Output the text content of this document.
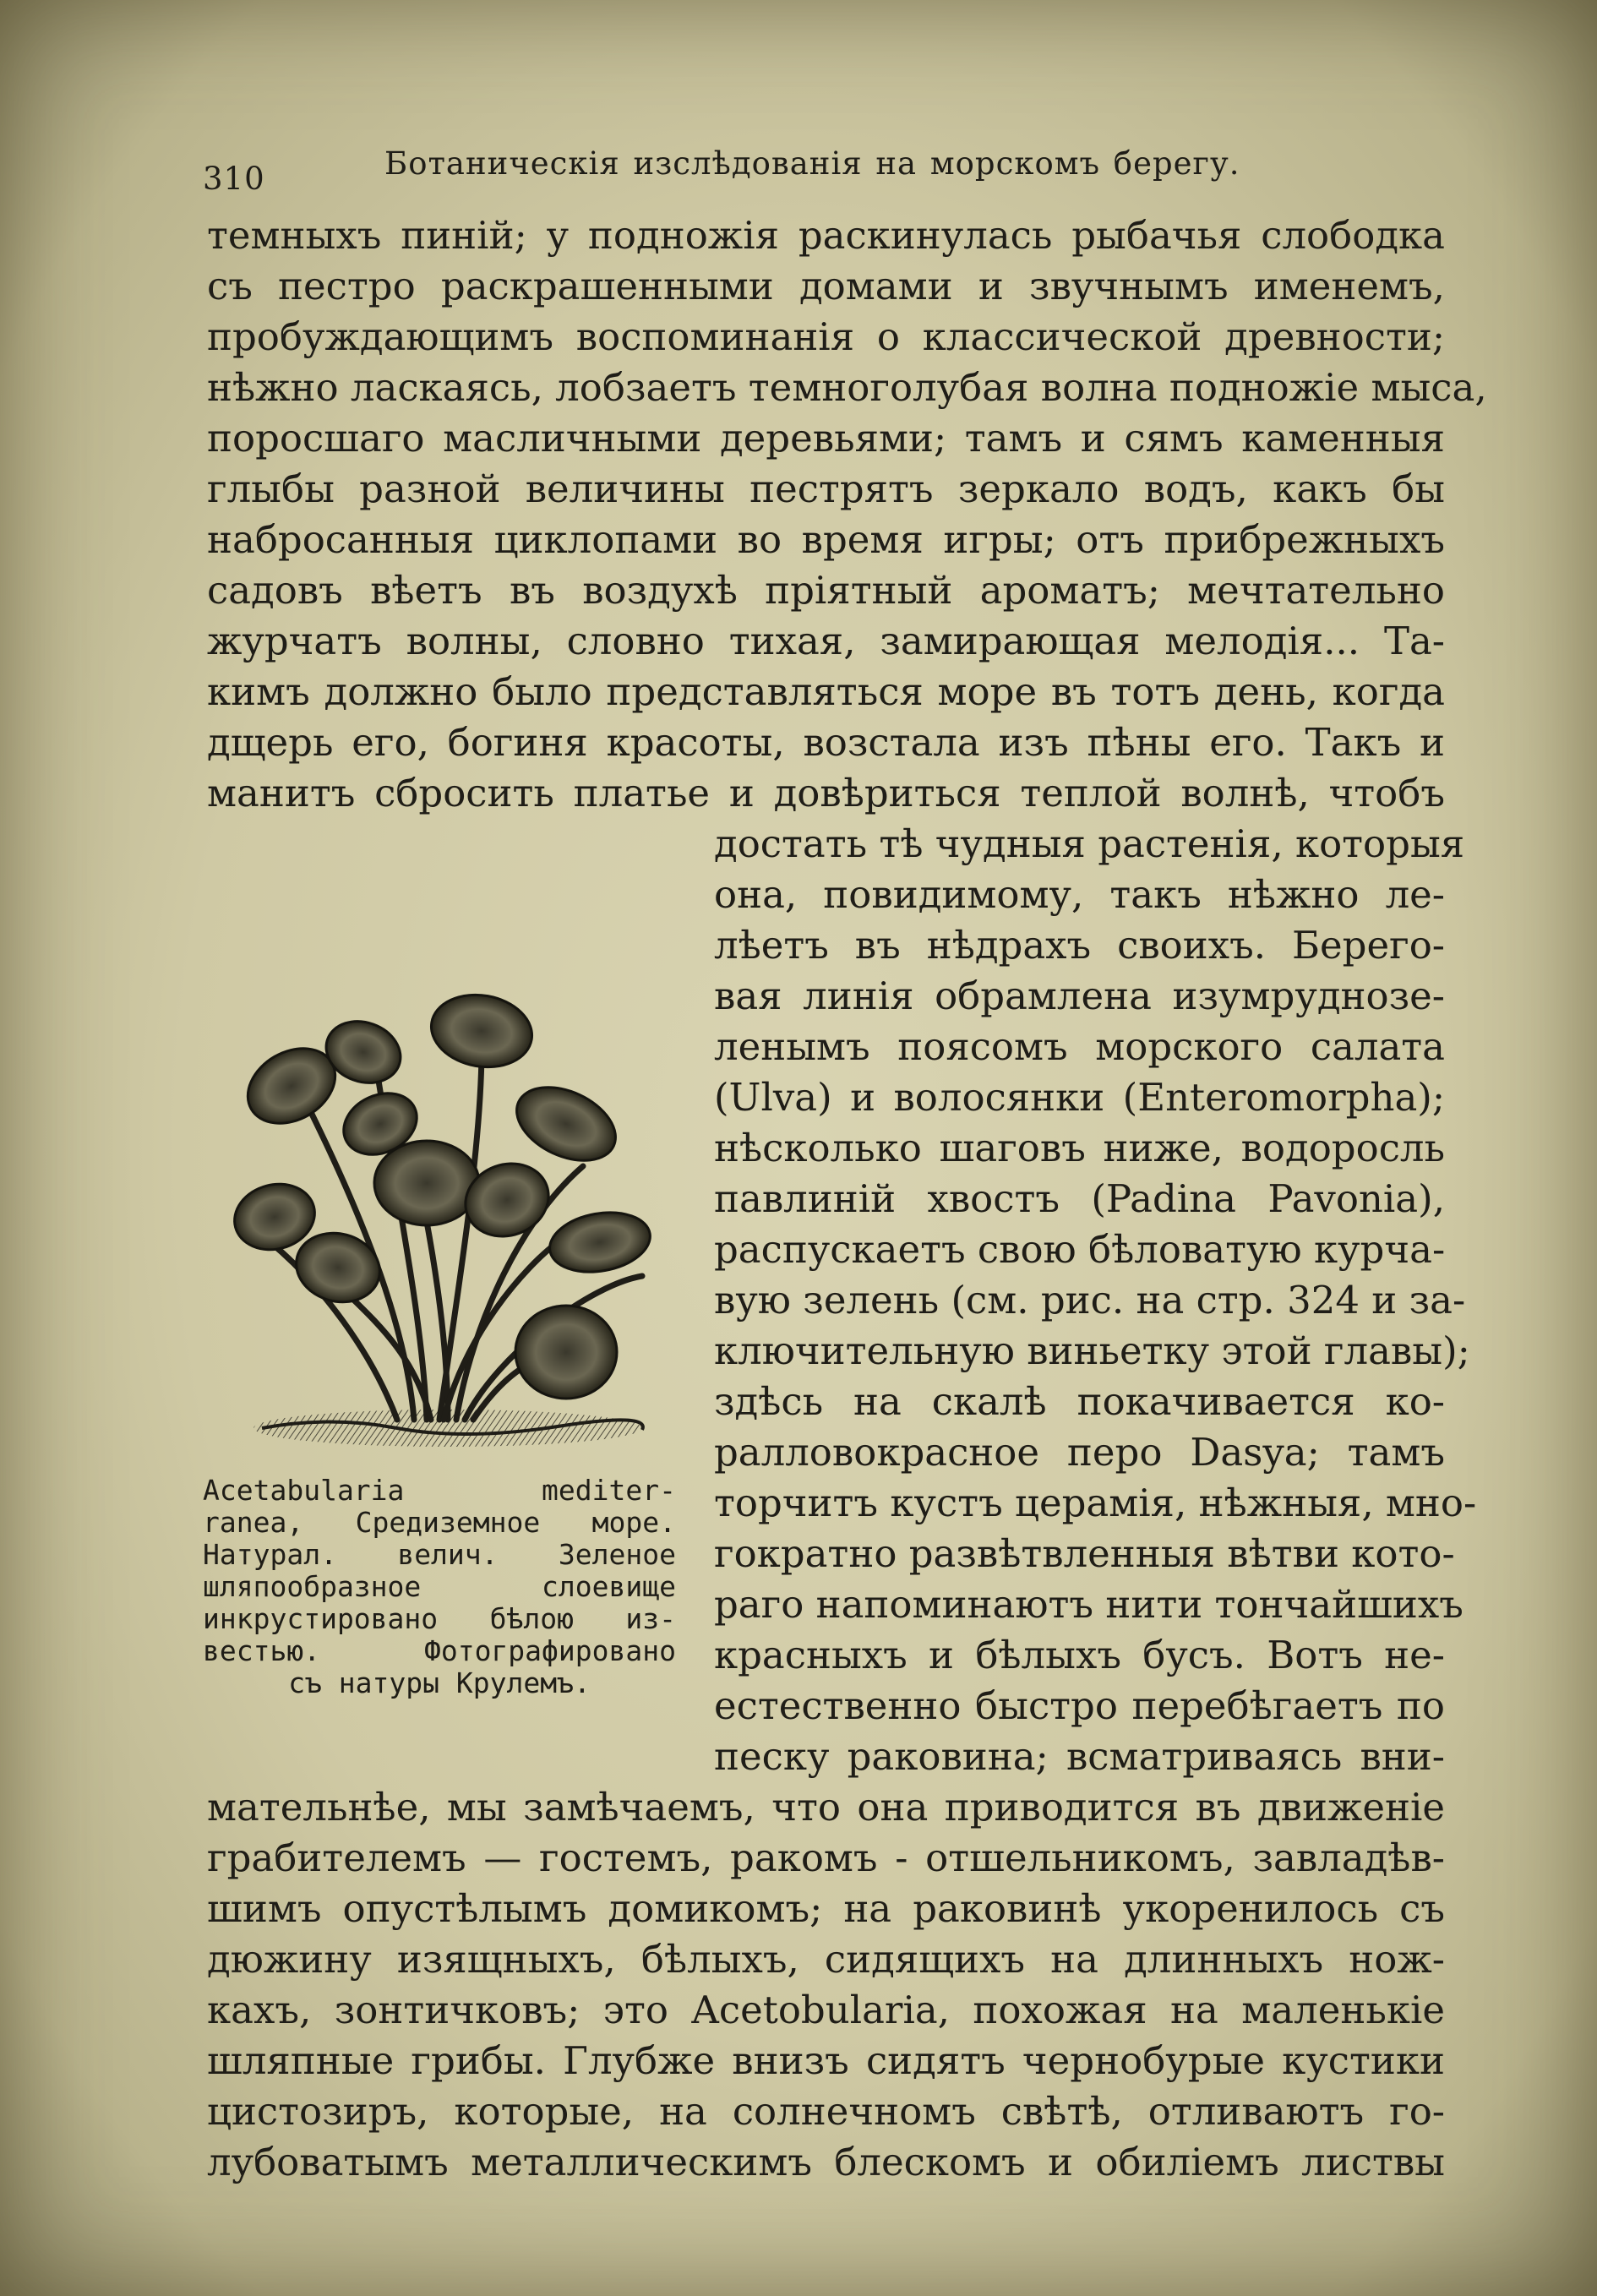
310	Ботаническія изслѣдованія на морскомъ берегу.
темныхъ пиній; у подножія раскинулась рыбачья слободка
съ пестро раскрашенными домами и звучнымъ именемъ,
пробуждающимъ воспоминанія о классической древности;
нѣжно ласкаясь, лобзаетъ темноголубая волна подножіе мыса,
поросшаго масличными деревьями; тамъ и сямъ каменныя
глыбы разной величины пестрятъ зеркало водъ, какъ бы
набросанныя циклопами во время игры; отъ прибрежныхъ
садовъ вѣетъ въ воздухѣ пріятный ароматъ; мечтательно
журчатъ волны, словно тихая, замирающая мелодія... Та-
кимъ должно было представляться море въ тотъ день, когда
дщерь его, богиня красоты, возстала изъ пѣны его. Такъ и
манитъ сбросить платье и довѣриться теплой волнѣ, чтобъ
достать тѣ чудныя растенія, которыя
она, повидимому, такъ нѣжно ле-
лѣетъ въ нѣдрахъ своихъ. Берего-
вая линія обрамлена изумруднозе-
ленымъ поясомъ морского салата
(Ulva) и волосянки (Enteromorpha);
нѣсколько шаговъ ниже, водоросль
павлиній хвостъ (Padina Pavonia),
распускаетъ свою бѣловатую курча-
вую зелень (см. рис. на стр. 324 и за-
ключительную виньетку этой главы);
здѣсь на скалѣ покачивается ко-
ралловокрасное перо Dasya; тамъ
торчитъ кустъ церамія, нѣжныя, мно-
гократно развѣтвленныя вѣтви кото-
раго напоминаютъ нити тончайшихъ
красныхъ и бѣлыхъ бусъ. Вотъ не-
естественно быстро перебѣгаетъ по
песку раковина; всматриваясь вни-
мательнѣе, мы замѣчаемъ, что она приводится въ движеніе
грабителемъ — гостемъ, ракомъ - отшельникомъ, завладѣв-
шимъ опустѣлымъ домикомъ; на раковинѣ укоренилось съ
дюжину изящныхъ, бѣлыхъ, сидящихъ на длинныхъ нож-
кахъ, зонтичковъ; это Acetobularia, похожая на маленькіе
шляпные грибы. Глубже внизъ сидятъ чернобурые кустики
цистозиръ, которые, на солнечномъ свѣтѣ, отливаютъ го-
лубоватымъ металлическимъ блескомъ и обиліемъ листвы
Acetabularia mediter-
ranea, Средиземное море.
Натурал. велич. Зеленое
шляпообразное слоевище
инкрустировано бѣлою из-
вестью. Фотографировано
съ натуры Крулемъ.
